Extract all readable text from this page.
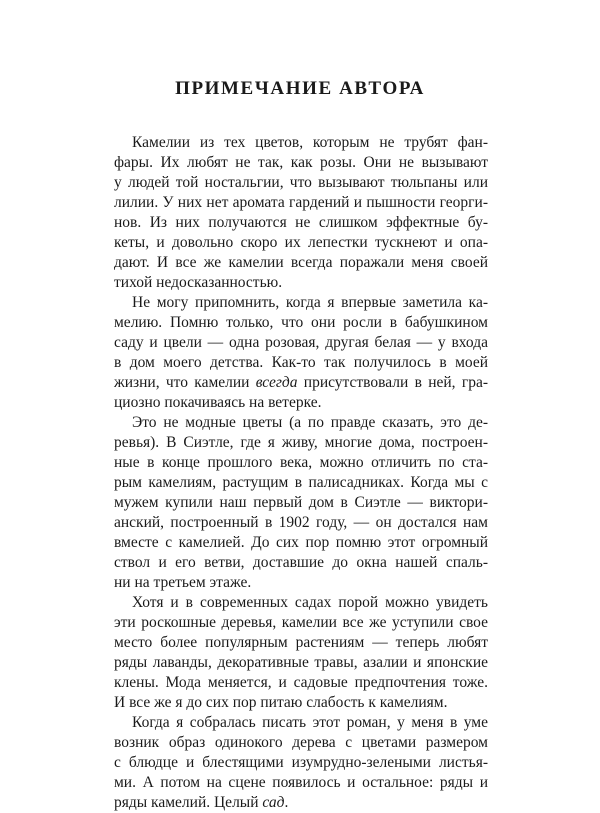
ПРИМЕЧАНИЕ АВТОРА
Камелии из тех цветов, которым не трубят фан-
фары. Их любят не так, как розы. Они не вызывают
у людей той ностальгии, что вызывают тюльпаны или
лилии. У них нет аромата гардений и пышности георги-
нов. Из них получаются не слишком эффектные бу-
кеты, и довольно скоро их лепестки тускнеют и опа-
дают. И все же камелии всегда поражали меня своей
тихой недосказанностью.
Не могу припомнить, когда я впервые заметила ка-
мелию. Помню только, что они росли в бабушкином
саду и цвели — одна розовая, другая белая — у входа
в дом моего детства. Как-то так получилось в моей
жизни, что камелии всегда присутствовали в ней, гра-
циозно покачиваясь на ветерке.
Это не модные цветы (а по правде сказать, это де-
ревья). В Сиэтле, где я живу, многие дома, построен-
ные в конце прошлого века, можно отличить по ста-
рым камелиям, растущим в палисадниках. Когда мы с
мужем купили наш первый дом в Сиэтле — виктори-
анский, построенный в 1902 году, — он достался нам
вместе с камелией. До сих пор помню этот огромный
ствол и его ветви, доставшие до окна нашей спаль-
ни на третьем этаже.
Хотя и в современных садах порой можно увидеть
эти роскошные деревья, камелии все же уступили свое
место более популярным растениям — теперь любят
ряды лаванды, декоративные травы, азалии и японские
клены. Мода меняется, и садовые предпочтения тоже.
И все же я до сих пор питаю слабость к камелиям.
Когда я собралась писать этот роман, у меня в уме
возник образ одинокого дерева с цветами размером
с блюдце и блестящими изумрудно-зелеными листья-
ми. А потом на сцене появилось и остальное: ряды и
ряды камелий. Целый сад.
